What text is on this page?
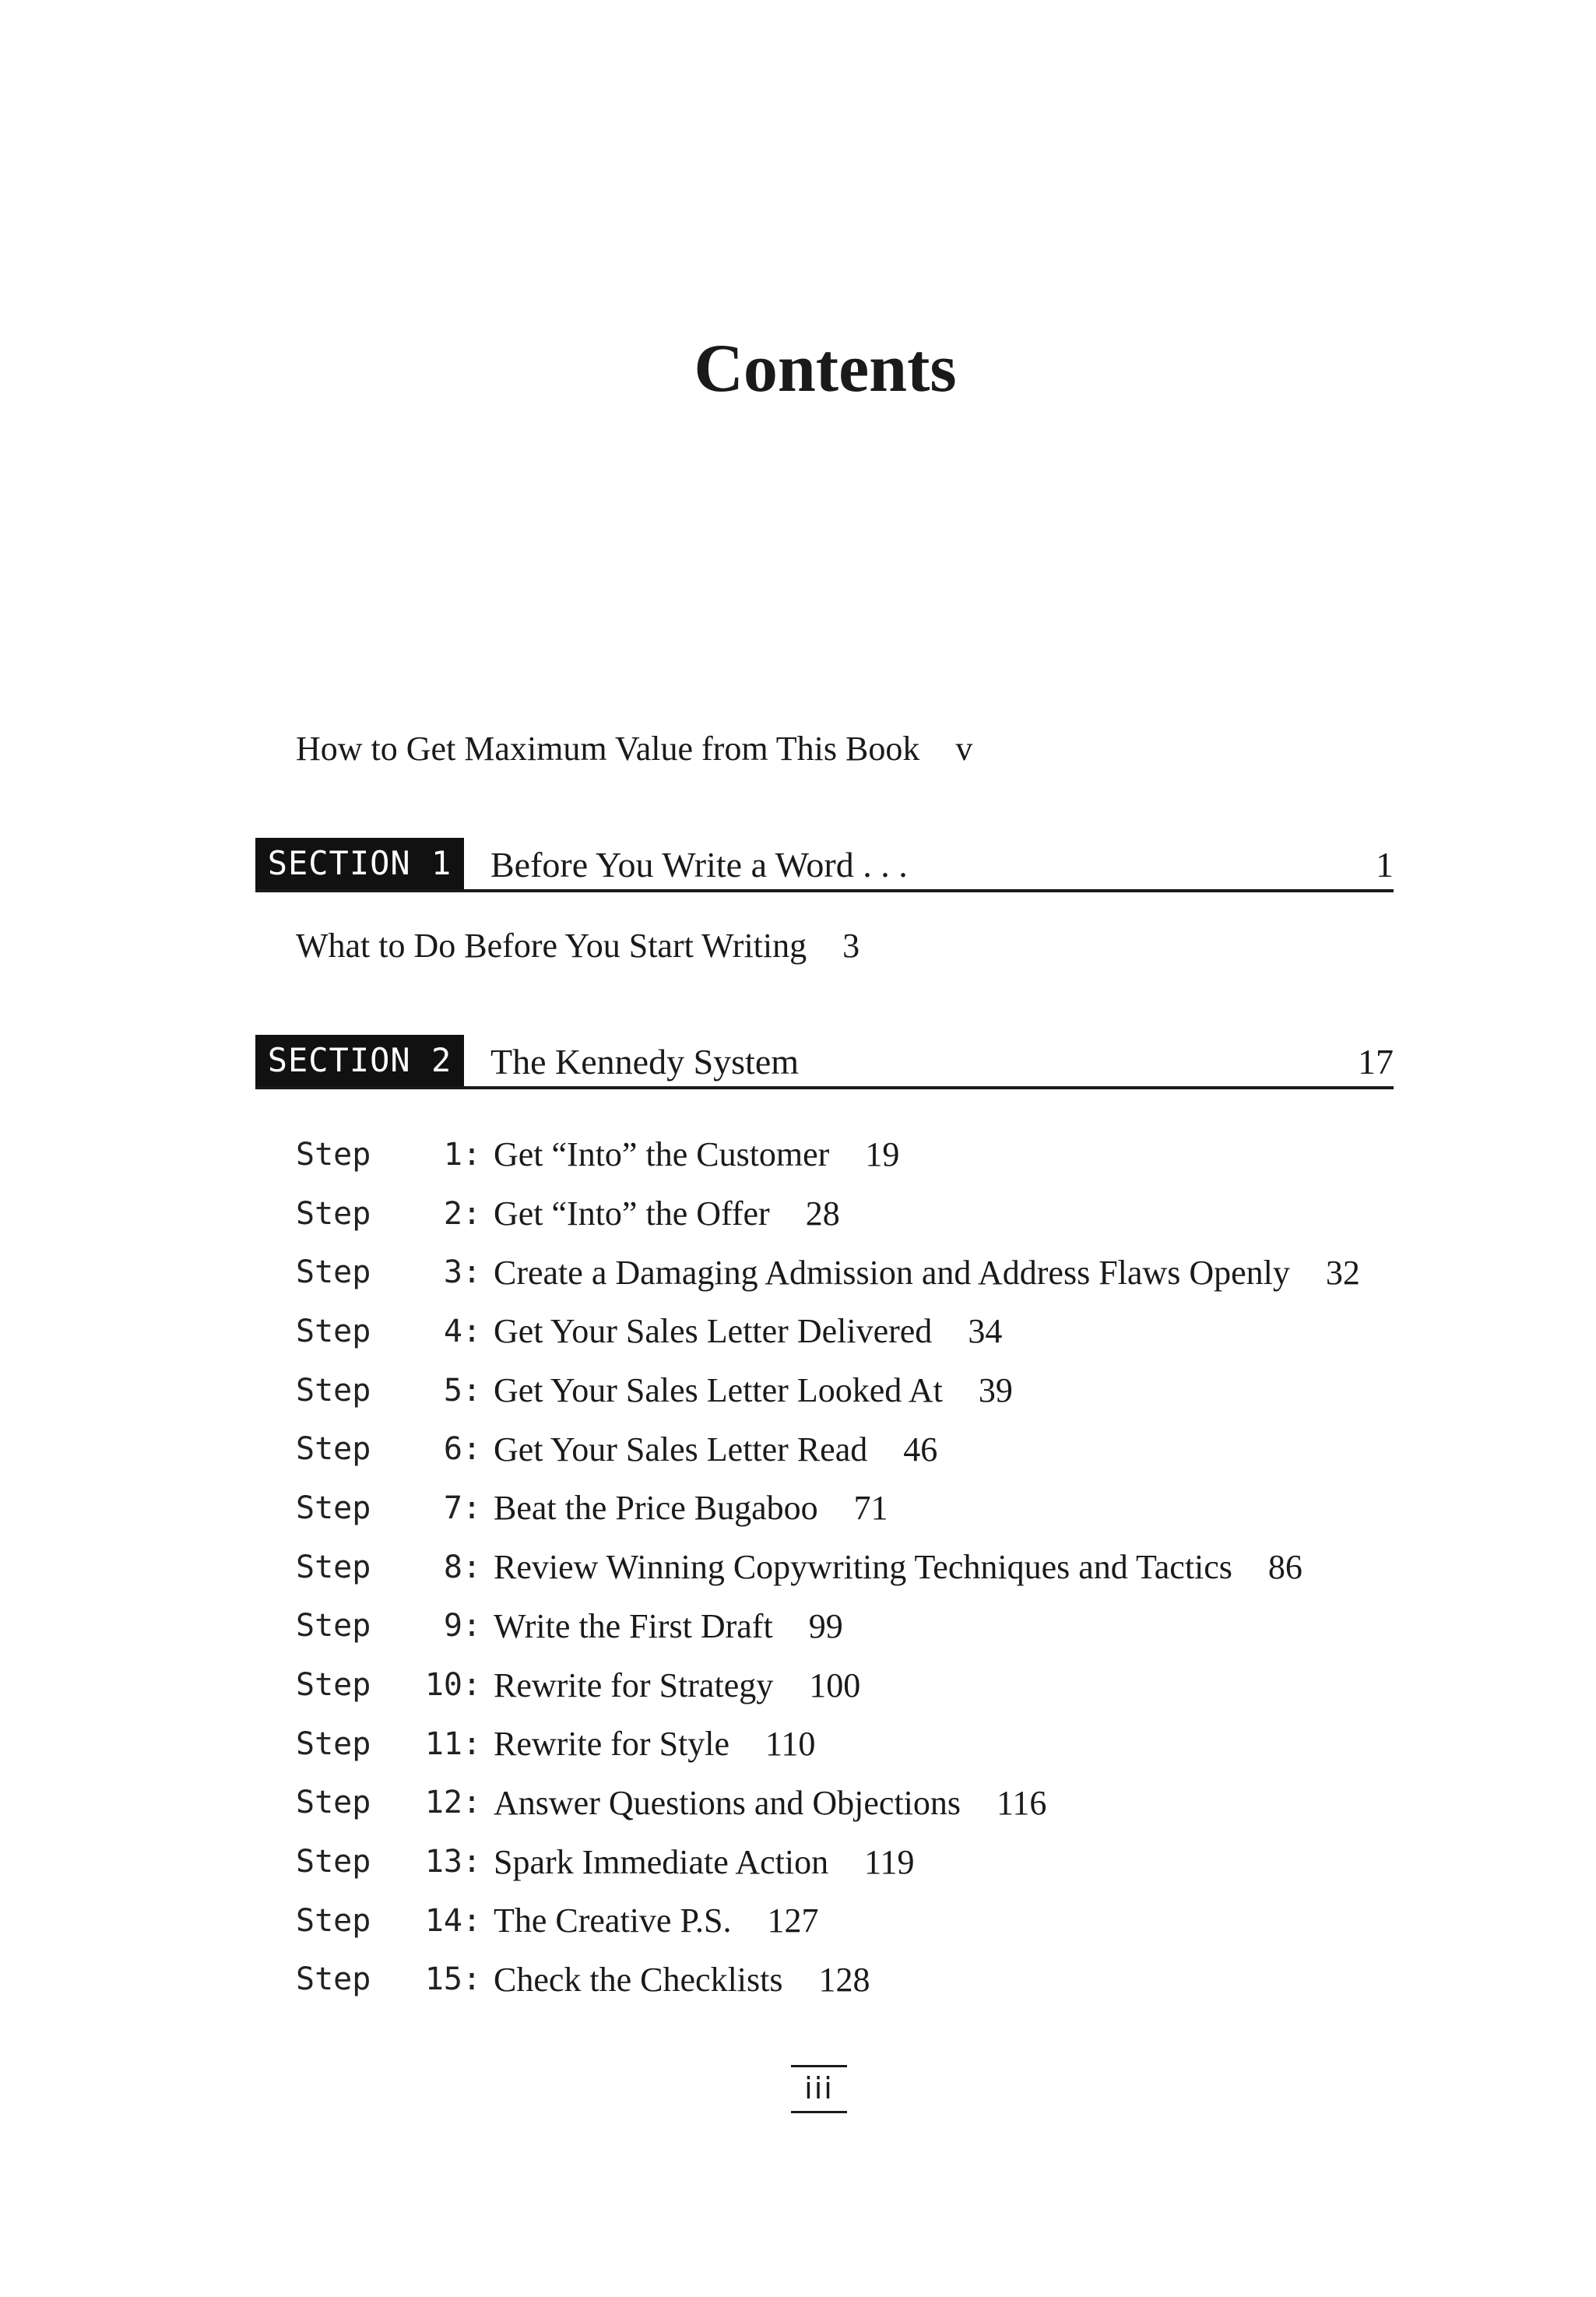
Contents
How to Get Maximum Value from This Book v
SECTION 1	Before You Write a Word . . .	1
What to Do Before You Start Writing 3
SECTION 2	The Kennedy System	17
Step	1 : Get “Into” the Customer 19
Step	2 : Get “Into” the Offer 28
Step	3 : Create a Damaging Admission and Address Flaws Openly 32
Step	4 : Get Your Sales Letter Delivered 34
Step	5 : Get Your Sales Letter Looked At 39
Step	6 : Get Your Sales Letter Read 46
Step	7 : Beat the Price Bugaboo 71
Step	8 : Review Winning Copywriting Techniques and Tactics 86
Step	9 : Write the First Draft 99
Step	10 : Rewrite for Strategy 100
Step	11 : Rewrite for Style 110
Step	12 : Answer Questions and Objections 116
Step	13 : Spark Immediate Action 119
Step	14 : The Creative P.S. 127
Step	15 : Check the Checklists 128
iii
